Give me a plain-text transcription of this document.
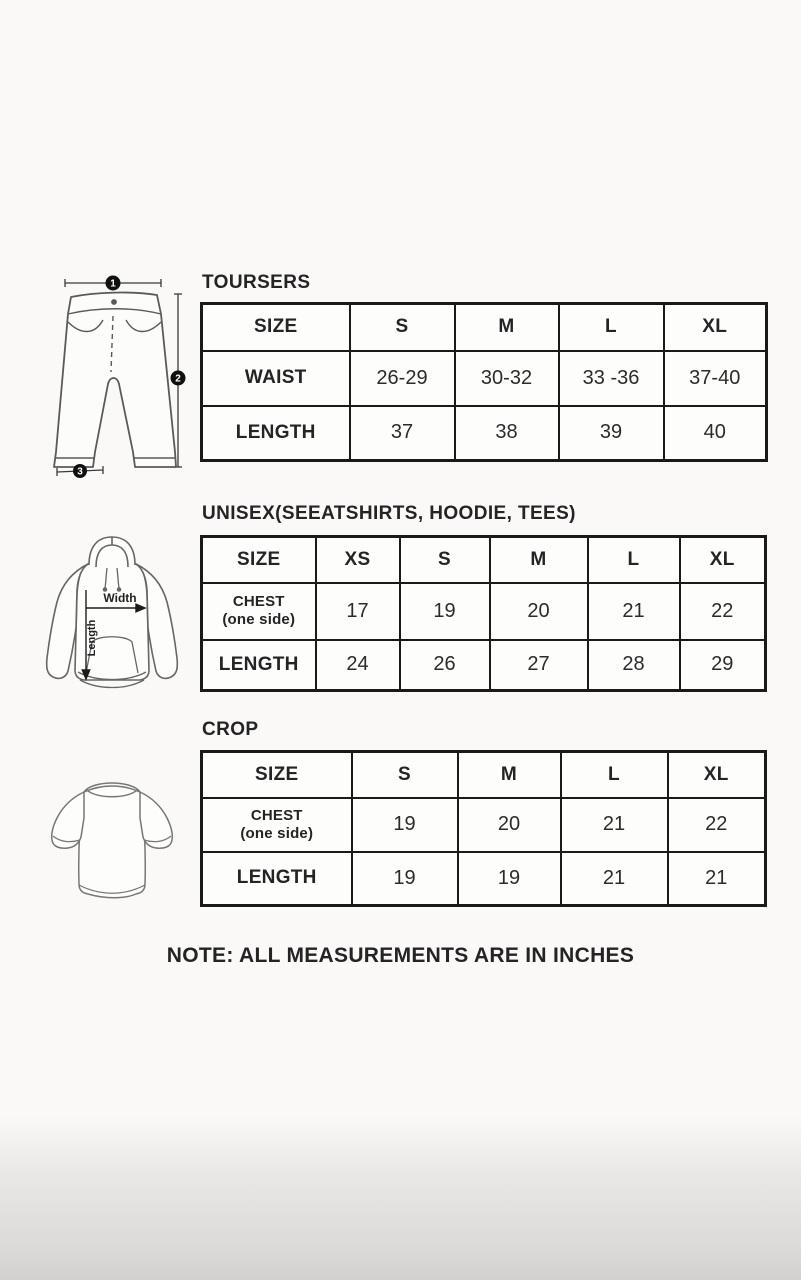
1
2
3
TOURSERS
SIZE	S	M	L	XL
WAIST	26-29	30-32	33 -36	37-40
LENGTH	37	38	39	40
Width
Length
UNISEX(SEEATSHIRTS, HOODIE, TEES)
SIZE	XS	S	M	L	XL
CHEST
(one side)	17	19	20	21	22
LENGTH	24	26	27	28	29
CROP
SIZE	S	M	L	XL
CHEST
(one side)	19	20	21	22
LENGTH	19	19	21	21
NOTE: ALL MEASUREMENTS ARE IN INCHES
